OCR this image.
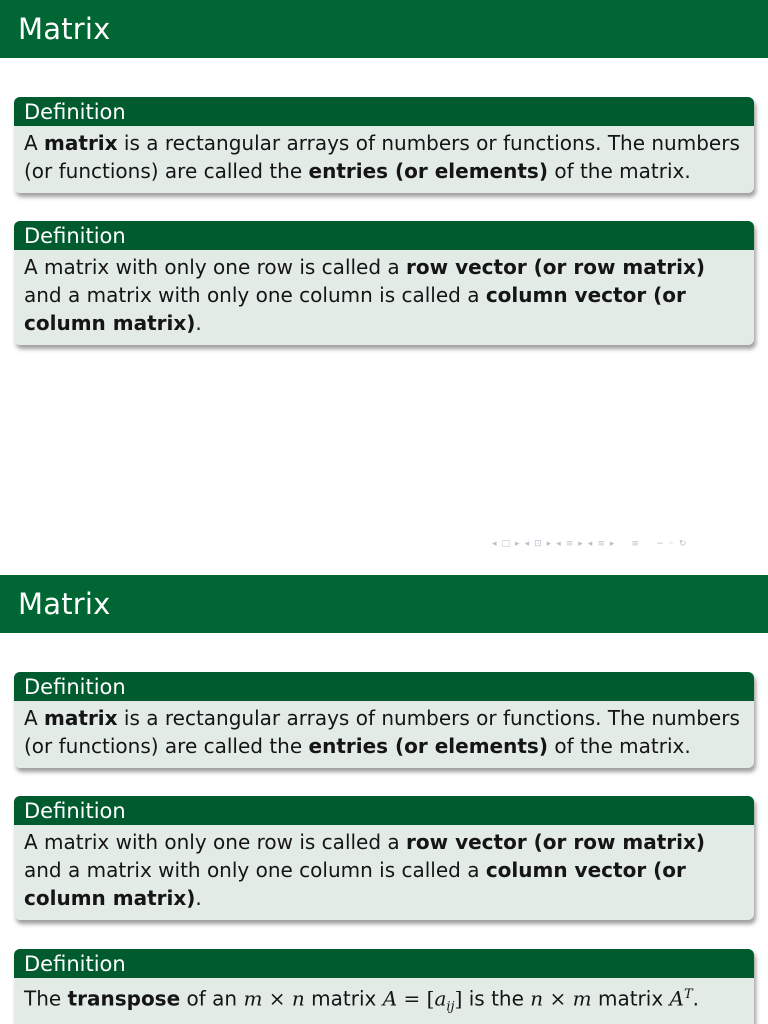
Matrix
Definition
A matrix is a rectangular arrays of numbers or functions. The numbers (or functions) are called the entries (or elements) of the matrix.
Definition
A matrix with only one row is called a row vector (or row matrix) and a matrix with only one column is called a column vector (or column matrix).
◂ □ ▸ ◂ ⊡ ▸ ◂ ≡ ▸ ◂ ≡ ▸ ≡ ∽ ◦ ↻
Matrix
Definition
A matrix is a rectangular arrays of numbers or functions. The numbers (or functions) are called the entries (or elements) of the matrix.
Definition
A matrix with only one row is called a row vector (or row matrix) and a matrix with only one column is called a column vector (or column matrix).
Definition
The transpose of an m × n matrix $A = [a_{ij}]$ is the n × m matrix $A^T$.
